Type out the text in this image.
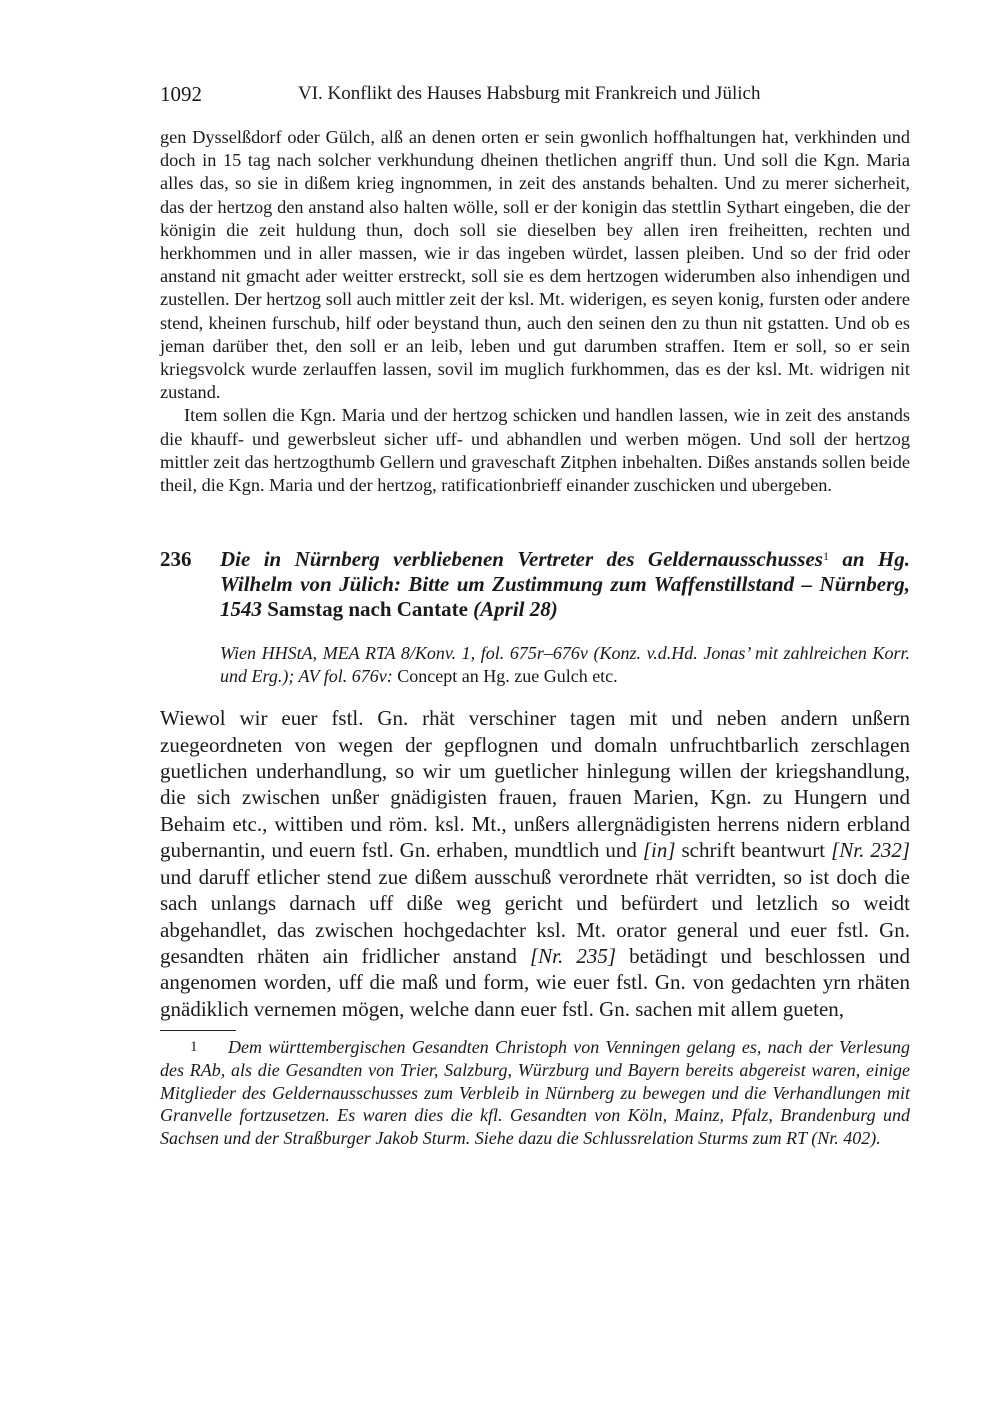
1092	VI. Konflikt des Hauses Habsburg mit Frankreich und Jülich

gen Dysselßdorf oder Gülch, alß an denen orten er sein gwonlich hoffhaltungen hat, verkhinden und doch in 15 tag nach solcher verkhundung dheinen thetlichen angriff thun. Und soll die Kgn. Maria alles das, so sie in dißem krieg ingnommen, in zeit des anstands behalten. Und zu merer sicherheit, das der hertzog den anstand also halten wölle, soll er der konigin das stettlin Sythart eingeben, die der königin die zeit huldung thun, doch soll sie dieselben bey allen iren freiheitten, rechten und herkhommen und in aller massen, wie ir das ingeben würdet, lassen pleiben. Und so der frid oder anstand nit gmacht ader weitter erstreckt, soll sie es dem hertzogen widerumben also inhendigen und zustellen. Der hertzog soll auch mittler zeit der ksl. Mt. widerigen, es seyen konig, fursten oder andere stend, kheinen furschub, hilf oder beystand thun, auch den seinen den zu thun nit gstatten. Und ob es jeman darüber thet, den soll er an leib, leben und gut darumben straffen. Item er soll, so er sein kriegsvolck wurde zerlauffen lassen, sovil im muglich furkhommen, das es der ksl. Mt. widrigen nit zustand.

Item sollen die Kgn. Maria und der hertzog schicken und handlen lassen, wie in zeit des anstands die khauff- und gewerbsleut sicher uff- und abhandlen und werben mögen. Und soll der hertzog mittler zeit das hertzogthumb Gellern und graveschaft Zitphen inbehalten. Dißes anstands sollen beide theil, die Kgn. Maria und der hertzog, ratificationbrieff einander zuschicken und ubergeben.

236 Die in Nürnberg verbliebenen Vertreter des Geldernausschusses$^1$ an Hg. Wilhelm von Jülich: Bitte um Zustimmung zum Waffenstillstand – Nürnberg, 1543 Samstag nach Cantate (April 28)
Wien HHStA, MEA RTA 8/Konv. 1, fol. 675r–676v (Konz. v.d.Hd. Jonas’ mit zahlreichen Korr. und Erg.); AV fol. 676v: Concept an Hg. zue Gulch etc.
Wiewol wir euer fstl. Gn. rhät verschiner tagen mit und neben andern unßern zuegeordneten von wegen der gepflognen und domaln unfruchtbarlich zerschlagen guetlichen underhandlung, so wir um guetlicher hinlegung willen der kriegshandlung, die sich zwischen unßer gnädigisten frauen, frauen Marien, Kgn. zu Hungern und Behaim etc., wittiben und röm. ksl. Mt., unßers allergnädigisten herrens nidern erbland gubernantin, und euern fstl. Gn. erhaben, mundtlich und [in] schrift beantwurt [Nr. 232] und daruff etlicher stend zue dißem ausschuß verordnete rhät verridten, so ist doch die sach unlangs darnach uff diße weg gericht und befürdert und letzlich so weidt abgehandlet, das zwischen hochgedachter ksl. Mt. orator general und euer fstl. Gn. gesandten rhäten ain fridlicher anstand [Nr. 235] betädingt und beschlossen und angenomen worden, uff die maß und form, wie euer fstl. Gn. von gedachten yrn rhäten gnädiklich vernemen mögen, welche dann euer fstl. Gn. sachen mit allem gueten,
1 Dem württembergischen Gesandten Christoph von Venningen gelang es, nach der Verlesung des RAb, als die Gesandten von Trier, Salzburg, Würzburg und Bayern bereits abgereist waren, einige Mitglieder des Geldernausschusses zum Verbleib in Nürnberg zu bewegen und die Verhandlungen mit Granvelle fortzusetzen. Es waren dies die kfl. Gesandten von Köln, Mainz, Pfalz, Brandenburg und Sachsen und der Straßburger Jakob Sturm. Siehe dazu die Schlussrelation Sturms zum RT (Nr. 402).
